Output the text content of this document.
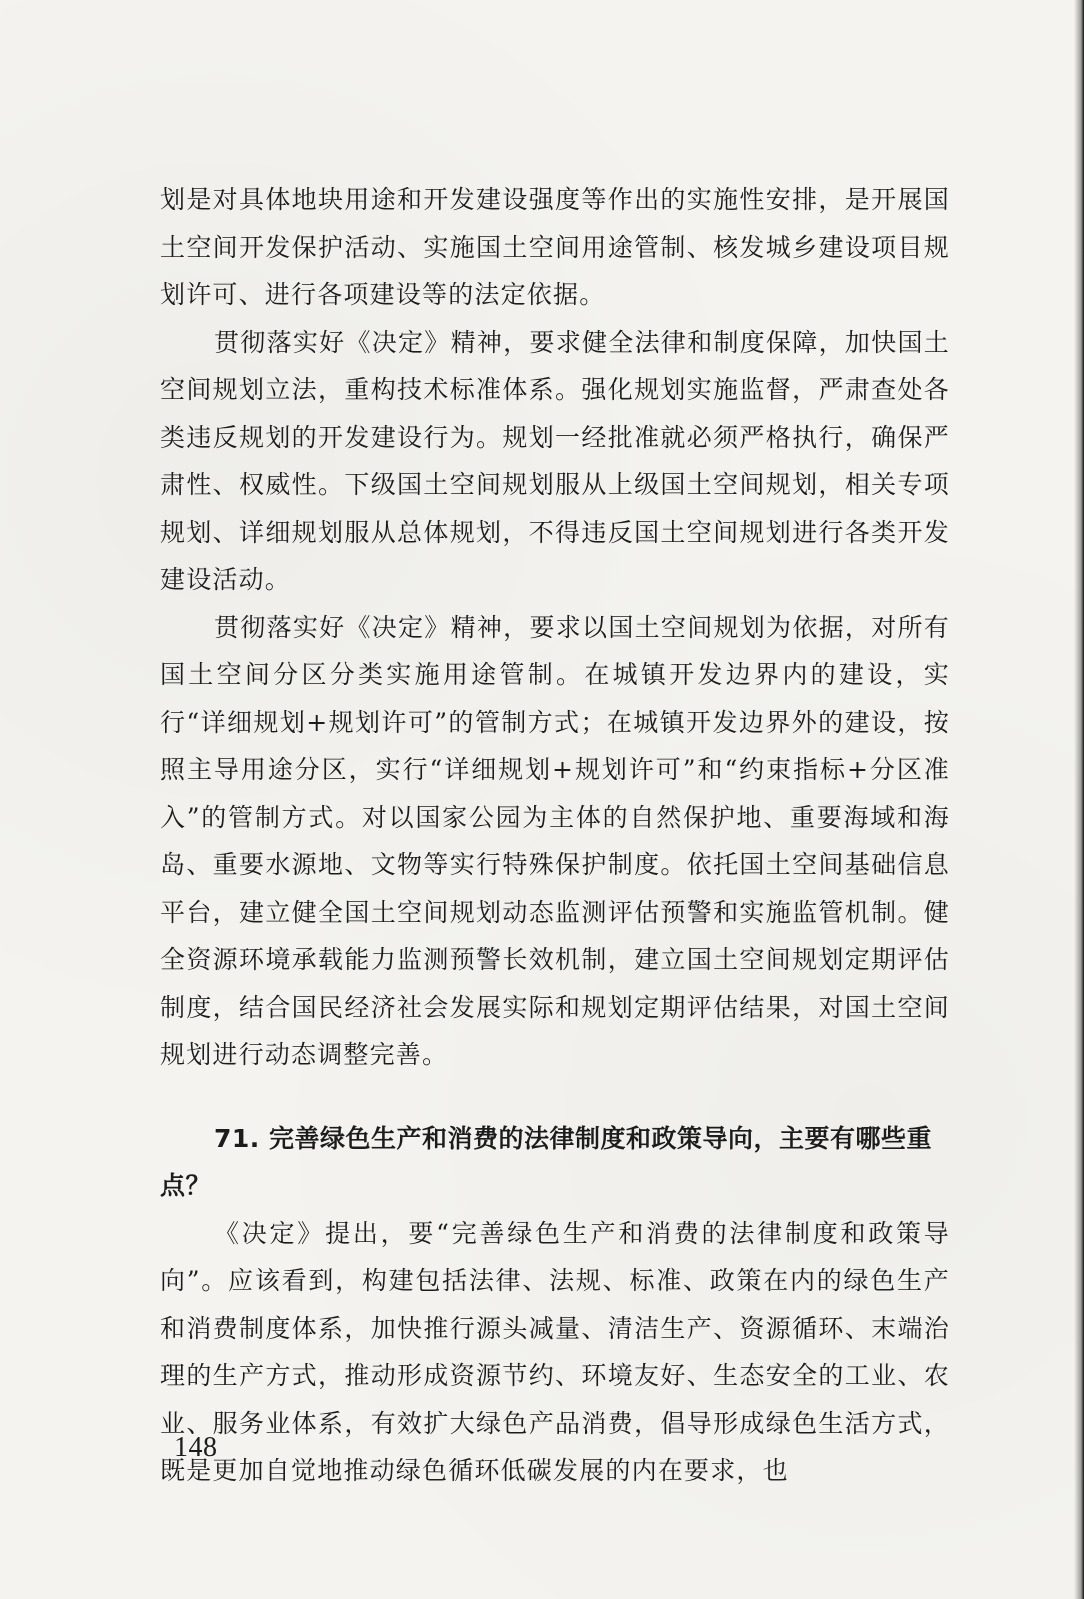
划是对具体地块用途和开发建设强度等作出的实施性安排，是开展国土空间开发保护活动、实施国土空间用途管制、核发城乡建设项目规划许可、进行各项建设等的法定依据。

贯彻落实好《决定》精神，要求健全法律和制度保障，加快国土空间规划立法，重构技术标准体系。强化规划实施监督，严肃查处各类违反规划的开发建设行为。规划一经批准就必须严格执行，确保严肃性、权威性。下级国土空间规划服从上级国土空间规划，相关专项规划、详细规划服从总体规划，不得违反国土空间规划进行各类开发建设活动。

贯彻落实好《决定》精神，要求以国土空间规划为依据，对所有国土空间分区分类实施用途管制。在城镇开发边界内的建设，实行“详细规划+规划许可”的管制方式；在城镇开发边界外的建设，按照主导用途分区，实行“详细规划+规划许可”和“约束指标+分区准入”的管制方式。对以国家公园为主体的自然保护地、重要海域和海岛、重要水源地、文物等实行特殊保护制度。依托国土空间基础信息平台，建立健全国土空间规划动态监测评估预警和实施监管机制。健全资源环境承载能力监测预警长效机制，建立国土空间规划定期评估制度，结合国民经济社会发展实际和规划定期评估结果，对国土空间规划进行动态调整完善。

71. 完善绿色生产和消费的法律制度和政策导向，主要有哪些重点？

《决定》提出，要“完善绿色生产和消费的法律制度和政策导向”。应该看到，构建包括法律、法规、标准、政策在内的绿色生产和消费制度体系，加快推行源头减量、清洁生产、资源循环、末端治理的生产方式，推动形成资源节约、环境友好、生态安全的工业、农业、服务业体系，有效扩大绿色产品消费，倡导形成绿色生活方式，既是更加自觉地推动绿色循环低碳发展的内在要求，也

148
